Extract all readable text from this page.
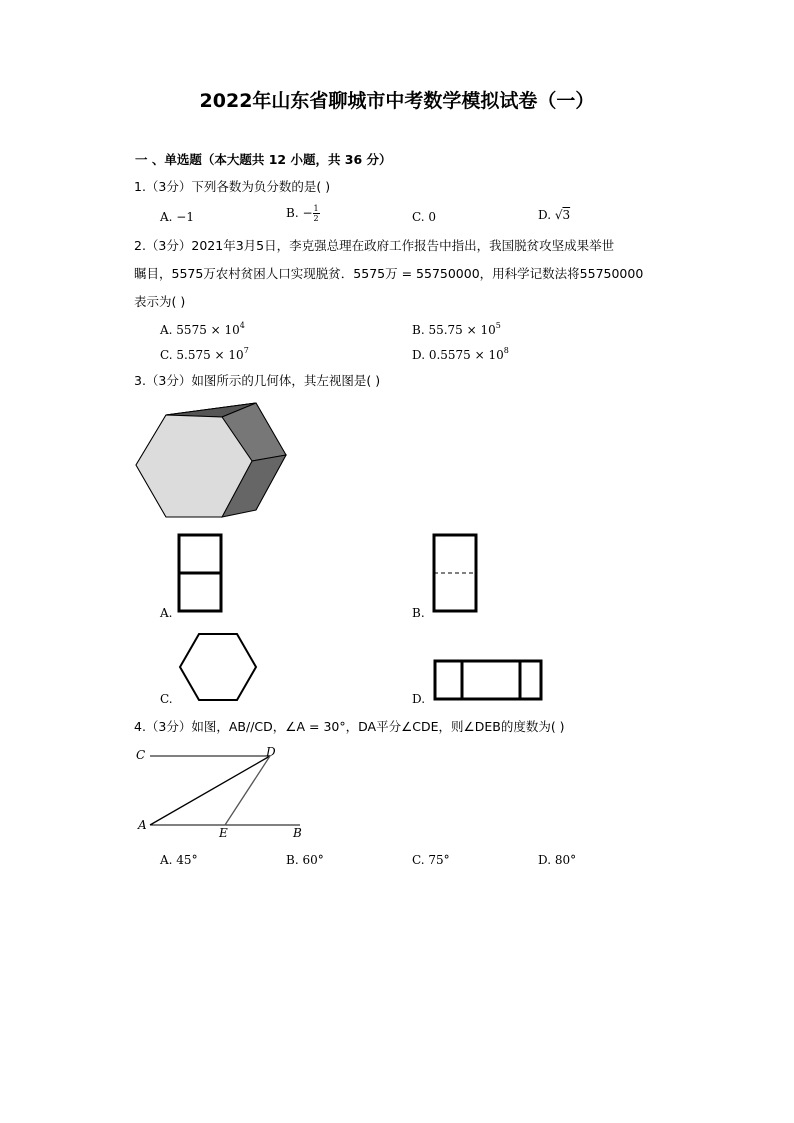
2022年山东省聊城市中考数学模拟试卷（一）
一 、单选题（本大题共 12 小题，共 36 分）
1.（3分）下列各数为负分数的是( )
A. −1	B. − $\frac{1}{2}$	C. 0	D. √3
2.（3分）2021年3月5日，李克强总理在政府工作报告中指出，我国脱贫攻坚成果举世
瞩目，5575万农村贫困人口实现脱贫．5575万 = 55750000，用科学记数法将55750000
表示为( )
A. $5575 \times 10^4$	B. $55.75 \times 10^5$
C. $5.575 \times 10^7$	D. $0.5575 \times 10^8$
3.（3分）如图所示的几何体，其左视图是( )
A.	B.
C.	D.
4.（3分）如图，AB//CD，∠A = 30°，DA平分∠CDE，则∠DEB的度数为( )
C	D
A
E	B
A. 45°	B. 60°	C. 75°	D. 80°
